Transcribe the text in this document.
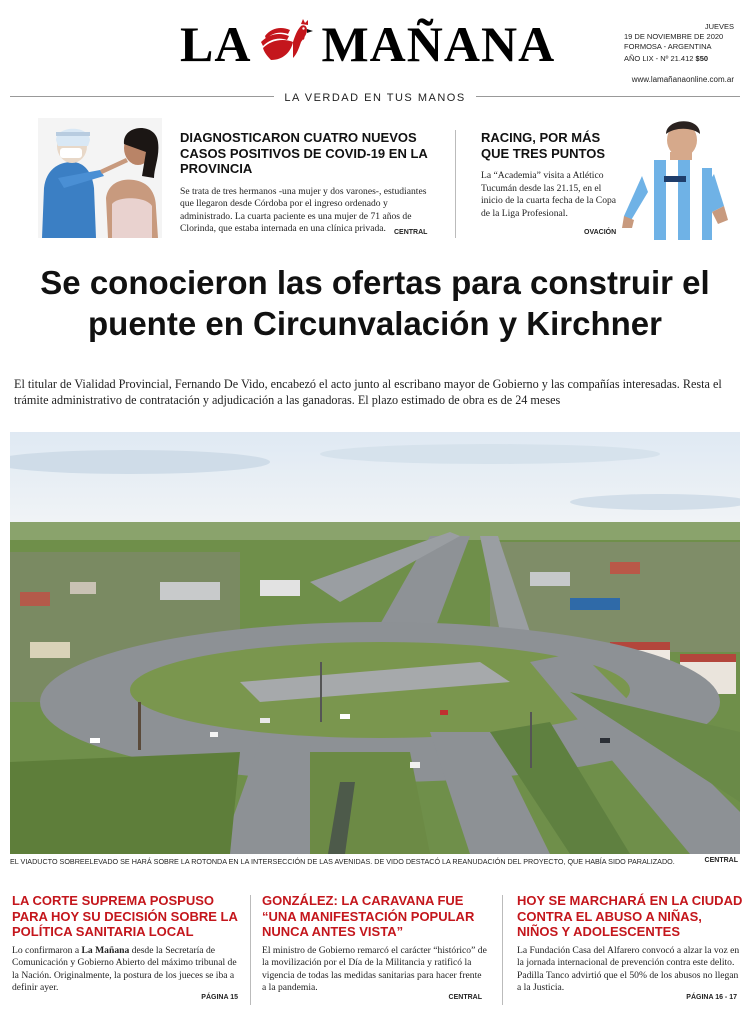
LA MAÑANA	JUEVES
19 DE NOVIEMBRE DE 2020
FORMOSA - ARGENTINA
AÑO LIX - Nº 21.412 $50
www.lamañanaonline.com.ar
LA VERDAD EN TUS MANOS
DIAGNOSTICARON CUATRO NUEVOS CASOS POSITIVOS DE COVID-19 EN LA PROVINCIA
Se trata de tres hermanos -una mujer y dos varones-, estudiantes que llegaron desde Córdoba por el ingreso ordenado y administrado. La cuarta paciente es una mujer de 71 años de Clorinda, que estaba internada en una clínica privada.	CENTRAL
RACING, POR MÁS QUE TRES PUNTOS
La “Academia” visita a Atlético Tucumán desde las 21.15, en el inicio de la cuarta fecha de la Copa de la Liga Profesional.
OVACIÓN
Se conocieron las ofertas para construir el puente en Circunvalación y Kirchner
El titular de Vialidad Provincial, Fernando De Vido, encabezó el acto junto al escribano mayor de Gobierno y las compañías interesadas. Resta el trámite administrativo de contratación y adjudicación a las ganadoras. El plazo estimado de obra es de 24 meses
EL VIADUCTO SOBREELEVADO SE HARÁ SOBRE LA ROTONDA EN LA INTERSECCIÓN DE LAS AVENIDAS. DE VIDO DESTACÓ LA REANUDACIÓN DEL PROYECTO, QUE HABÍA SIDO PARALIZADO.	CENTRAL
LA CORTE SUPREMA POSPUSO PARA HOY SU DECISIÓN SOBRE LA POLÍTICA SANITARIA LOCAL
Lo confirmaron a La Mañana desde la Secretaría de Comunicación y Gobierno Abierto del máximo tribunal de la Nación. Originalmente, la postura de los jueces se iba a definir ayer.
PÁGINA 15
GONZÁLEZ: LA CARAVANA FUE “UNA MANIFESTACIÓN POPULAR NUNCA ANTES VISTA”
El ministro de Gobierno remarcó el carácter “histórico” de la movilización por el Día de la Militancia y ratificó la vigencia de todas las medidas sanitarias para hacer frente a la pandemia.
CENTRAL
HOY SE MARCHARÁ EN LA CIUDAD CONTRA EL ABUSO A NIÑAS, NIÑOS Y ADOLESCENTES
La Fundación Casa del Alfarero convocó a alzar la voz en la jornada internacional de prevención contra este delito. Padilla Tanco advirtió que el 50% de los abusos no llegan a la Justicia.
PÁGINA 16 - 17
